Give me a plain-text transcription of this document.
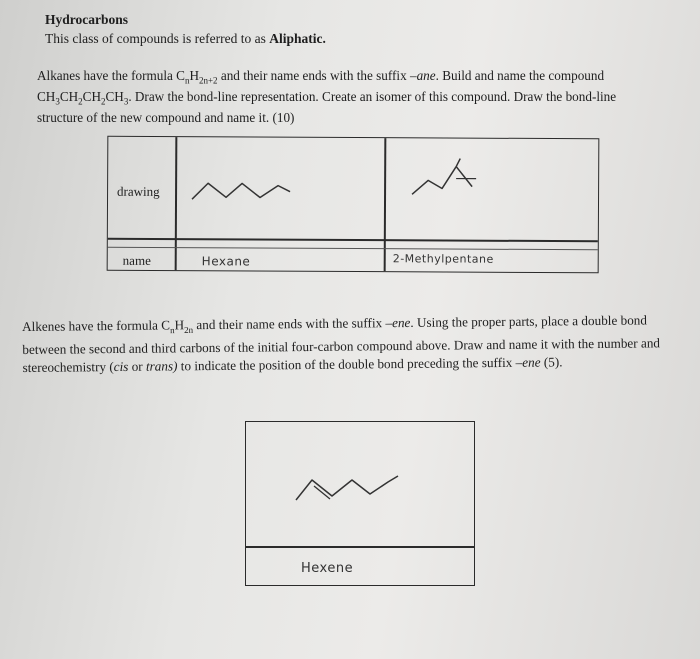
Hydrocarbons
This class of compounds is referred to as Aliphatic.
Alkanes have the formula $C_nH_{2n+2}$ and their name ends with the suffix –ane. Build and name the compound $CH_3CH_2CH_2CH_3$. Draw the bond-line representation. Create an isomer of this compound. Draw the bond-line structure of the new compound and name it. (10)
drawing
name	Hexane	2-Methylpentane
Alkenes have the formula $C_nH_{2n}$ and their name ends with the suffix –ene. Using the proper parts, place a double bond between the second and third carbons of the initial four-carbon compound above. Draw and name it with the number and stereochemistry (cis or trans) to indicate the position of the double bond preceding the suffix –ene (5).
Hexene
